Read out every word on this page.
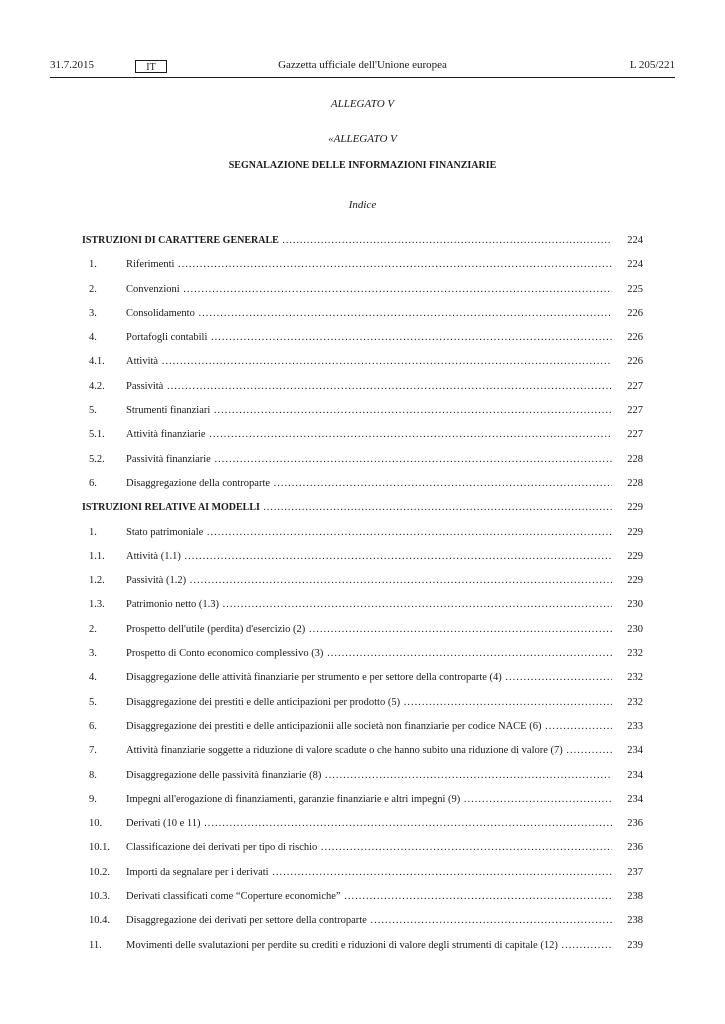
31.7.2015	IT	Gazzetta ufficiale dell'Unione europea	L 205/221
ALLEGATO V
«ALLEGATO V
SEGNALAZIONE DELLE INFORMAZIONI FINANZIARIE
Indice
ISTRUZIONI DI CARATTERE GENERALE .....	224
1.	Riferimenti .....	224
2.	Convenzioni .....	225
3.	Consolidamento .....	226
4.	Portafogli contabili .....	226
4.1. Attività .....	226
4.2. Passività .....	227
5.	Strumenti finanziari .....	227
5.1. Attività finanziarie .....	227
5.2. Passività finanziarie .....	228
6.	Disaggregazione della controparte .....	228
ISTRUZIONI RELATIVE AI MODELLI .....	229
1.	Stato patrimoniale .....	229
1.1. Attività (1.1) .....	229
1.2. Passività (1.2) .....	229
1.3. Patrimonio netto (1.3) .....	230
2.	Prospetto dell'utile (perdita) d'esercizio (2) .....	230
3.	Prospetto di Conto economico complessivo (3) .....	232
4.	Disaggregazione delle attività finanziarie per strumento e per settore della controparte (4) .....	232
5.	Disaggregazione dei prestiti e delle anticipazioni per prodotto (5) .....	232
6.	Disaggregazione dei prestiti e delle anticipazionii alle società non finanziarie per codice NACE (6) .....	233
7.	Attività finanziarie soggette a riduzione di valore scadute o che hanno subito una riduzione di valore (7) .....	234
8.	Disaggregazione delle passività finanziarie (8) .....	234
9.	Impegni all'erogazione di finanziamenti, garanzie finanziarie e altri impegni (9) .....	234
10. Derivati (10 e 11) .....	236
10.1. Classificazione dei derivati per tipo di rischio .....	236
10.2. Importi da segnalare per i derivati .....	237
10.3. Derivati classificati come “Coperture economiche” .....	238
10.4. Disaggregazione dei derivati per settore della controparte .....	238
11. Movimenti delle svalutazioni per perdite su crediti e riduzioni di valore degli strumenti di capitale (12) .....	239
